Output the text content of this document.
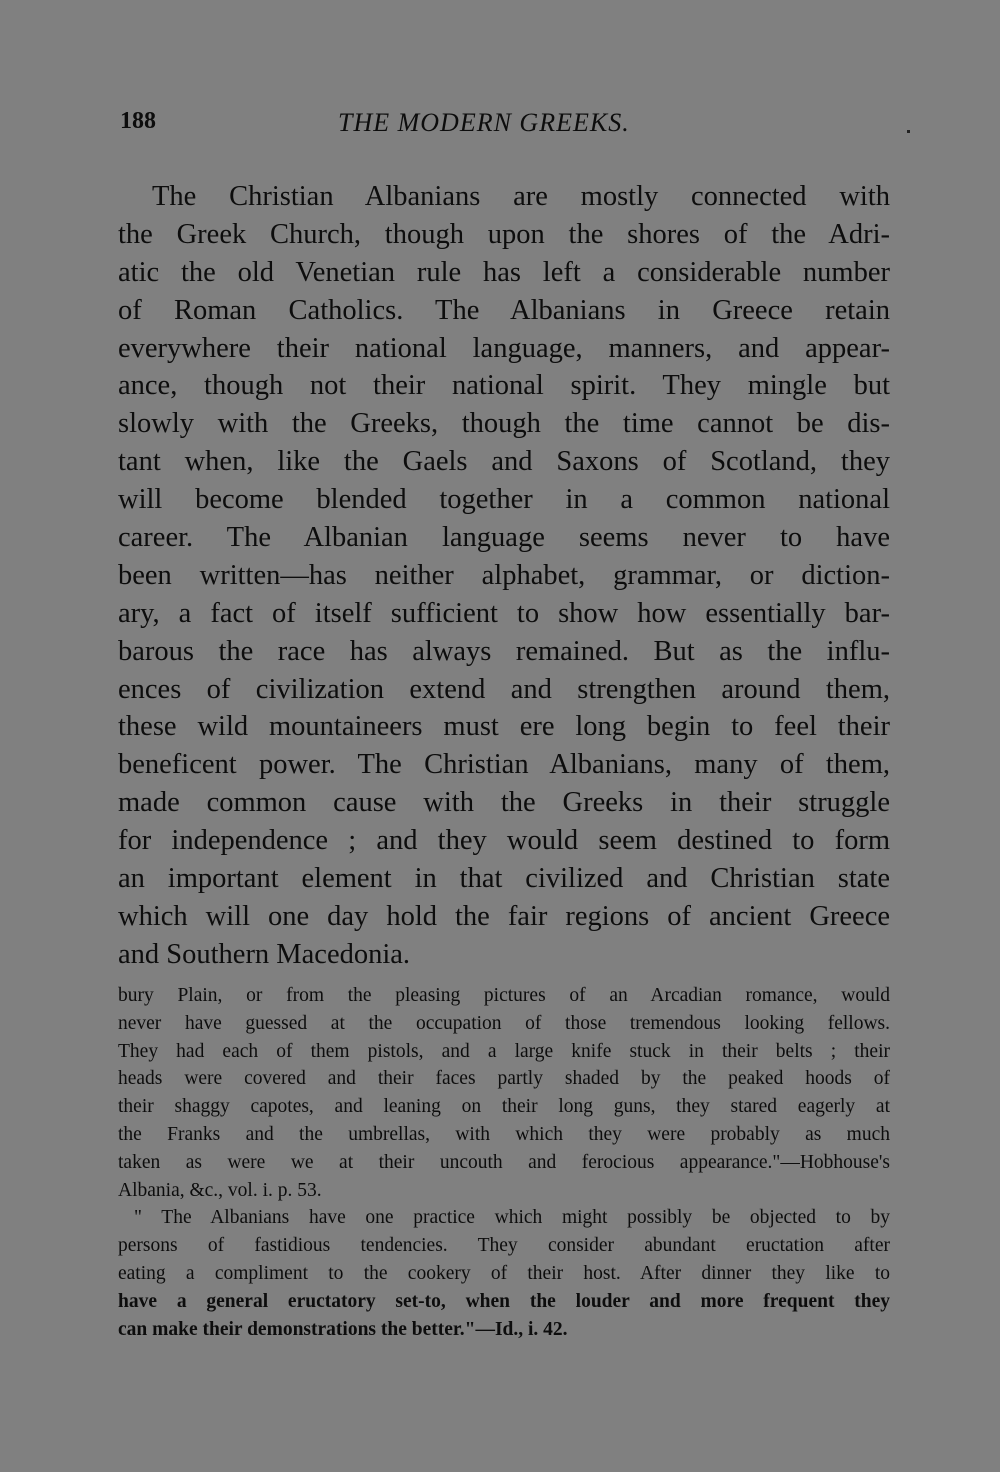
188	THE MODERN GREEKS.
The Christian Albanians are mostly connected with
the Greek Church, though upon the shores of the Adri-
atic the old Venetian rule has left a considerable number
of Roman Catholics. The Albanians in Greece retain
everywhere their national language, manners, and appear-
ance, though not their national spirit. They mingle but
slowly with the Greeks, though the time cannot be dis-
tant when, like the Gaels and Saxons of Scotland, they
will become blended together in a common national
career. The Albanian language seems never to have
been written—has neither alphabet, grammar, or diction-
ary, a fact of itself sufficient to show how essentially bar-
barous the race has always remained. But as the influ-
ences of civilization extend and strengthen around them,
these wild mountaineers must ere long begin to feel their
beneficent power. The Christian Albanians, many of them,
made common cause with the Greeks in their struggle
for independence ; and they would seem destined to form
an important element in that civilized and Christian state
which will one day hold the fair regions of ancient Greece
and Southern Macedonia.
bury Plain, or from the pleasing pictures of an Arcadian romance, would
never have guessed at the occupation of those tremendous looking fellows.
They had each of them pistols, and a large knife stuck in their belts ; their
heads were covered and their faces partly shaded by the peaked hoods of
their shaggy capotes, and leaning on their long guns, they stared eagerly at
the Franks and the umbrellas, with which they were probably as much
taken as were we at their uncouth and ferocious appearance."—Hobhouse's
Albania, &c., vol. i. p. 53.
" The Albanians have one practice which might possibly be objected to by
persons of fastidious tendencies. They consider abundant eructation after
eating a compliment to the cookery of their host. After dinner they like to
have a general eructatory set-to, when the louder and more frequent they
can make their demonstrations the better."—Id., i. 42.
